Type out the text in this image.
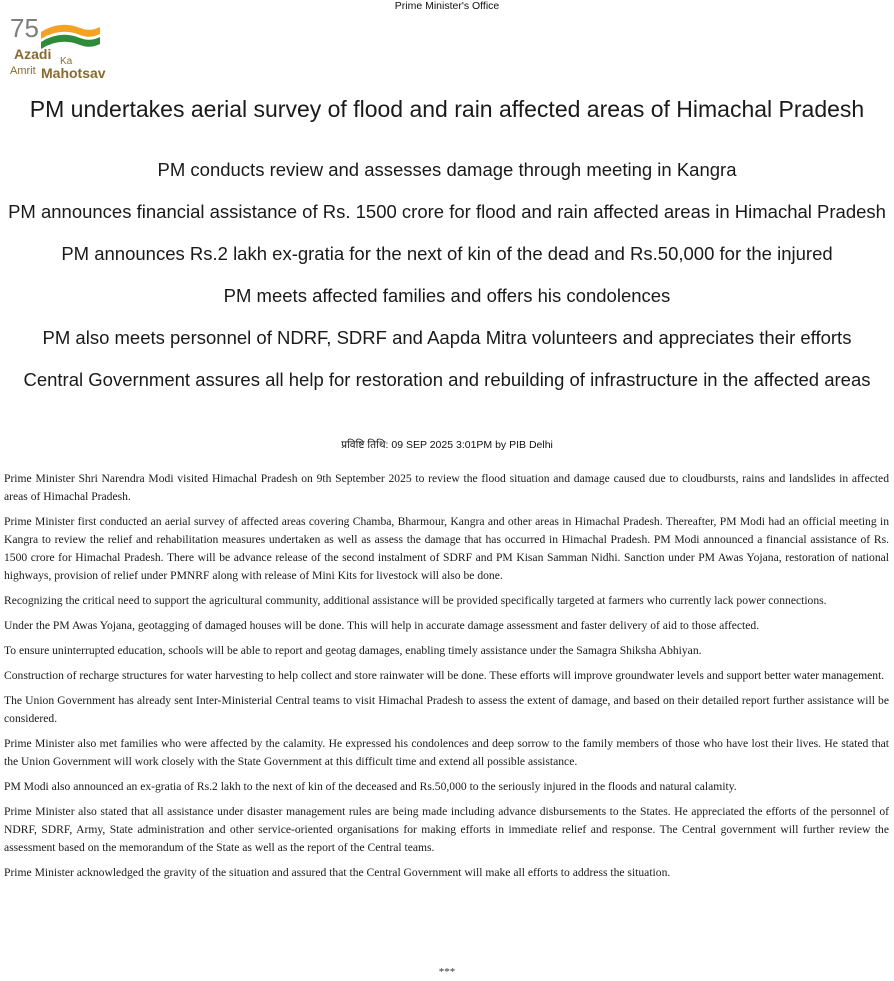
Prime Minister's Office
75
Azadi Ka
Amrit Mahotsav
PM undertakes aerial survey of flood and rain affected areas of Himachal Pradesh
PM conducts review and assesses damage through meeting in Kangra
PM announces financial assistance of Rs. 1500 crore for flood and rain affected areas in Himachal Pradesh
PM announces Rs.2 lakh ex-gratia for the next of kin of the dead and Rs.50,000 for the injured
PM meets affected families and offers his condolences
PM also meets personnel of NDRF, SDRF and Aapda Mitra volunteers and appreciates their efforts
Central Government assures all help for restoration and rebuilding of infrastructure in the affected areas
प्रविष्टि तिथि: 09 SEP 2025 3:01PM by PIB Delhi

Prime Minister Shri Narendra Modi visited Himachal Pradesh on 9th September 2025 to review the flood situation and damage caused due to cloudbursts, rains and landslides in affected areas of Himachal Pradesh.

Prime Minister first conducted an aerial survey of affected areas covering Chamba, Bharmour, Kangra and other areas in Himachal Pradesh. Thereafter, PM Modi had an official meeting in Kangra to review the relief and rehabilitation measures undertaken as well as assess the damage that has occurred in Himachal Pradesh. PM Modi announced a financial assistance of Rs. 1500 crore for Himachal Pradesh. There will be advance release of the second instalment of SDRF and PM Kisan Samman Nidhi. Sanction under PM Awas Yojana, restoration of national highways, provision of relief under PMNRF along with release of Mini Kits for livestock will also be done.

Recognizing the critical need to support the agricultural community, additional assistance will be provided specifically targeted at farmers who currently lack power connections.

Under the PM Awas Yojana, geotagging of damaged houses will be done. This will help in accurate damage assessment and faster delivery of aid to those affected.

To ensure uninterrupted education, schools will be able to report and geotag damages, enabling timely assistance under the Samagra Shiksha Abhiyan.

Construction of recharge structures for water harvesting to help collect and store rainwater will be done. These efforts will improve groundwater levels and support better water management.

The Union Government has already sent Inter-Ministerial Central teams to visit Himachal Pradesh to assess the extent of damage, and based on their detailed report further assistance will be considered.

Prime Minister also met families who were affected by the calamity. He expressed his condolences and deep sorrow to the family members of those who have lost their lives. He stated that the Union Government will work closely with the State Government at this difficult time and extend all possible assistance.

PM Modi also announced an ex-gratia of Rs.2 lakh to the next of kin of the deceased and Rs.50,000 to the seriously injured in the floods and natural calamity.

Prime Minister also stated that all assistance under disaster management rules are being made including advance disbursements to the States. He appreciated the efforts of the personnel of NDRF, SDRF, Army, State administration and other service-oriented organisations for making efforts in immediate relief and response. The Central government will further review the assessment based on the memorandum of the State as well as the report of the Central teams.

Prime Minister acknowledged the gravity of the situation and assured that the Central Government will make all efforts to address the situation.

***
